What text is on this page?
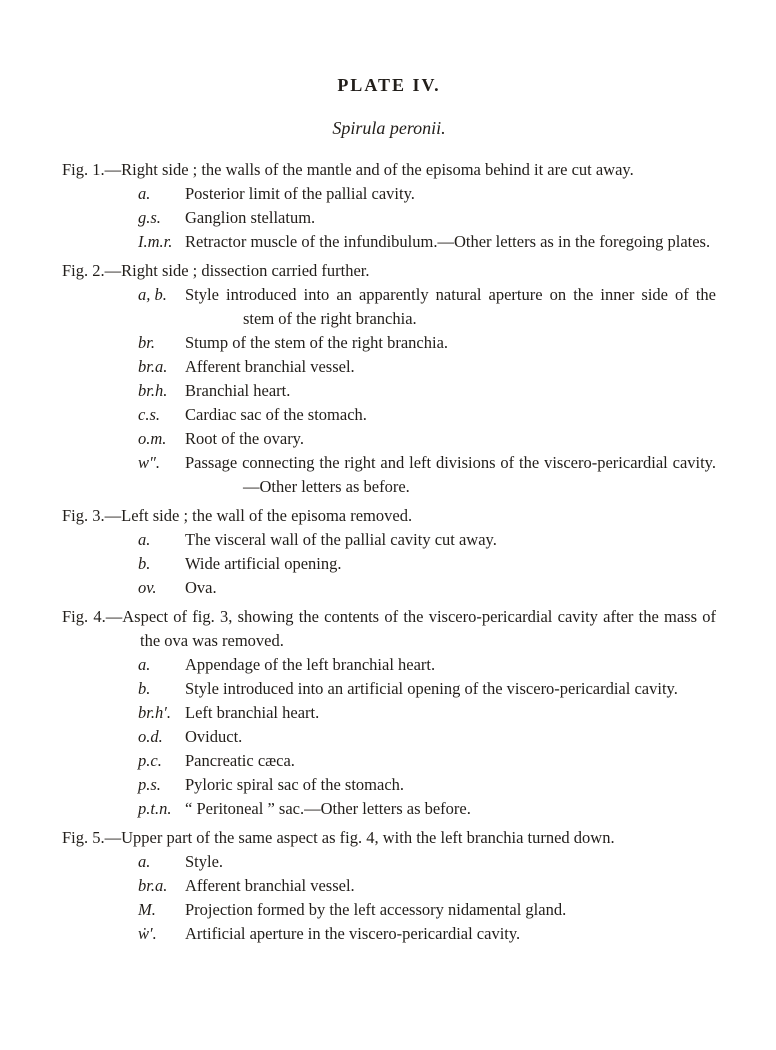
PLATE IV.
Spirula peronii.

Fig. 1.—Right side ; the walls of the mantle and of the episoma behind it are cut away.

a.	Posterior limit of the pallial cavity.
g.s.	Ganglion stellatum.
I.m.r. Retractor muscle of the infundibulum.—Other letters as in the foregoing plates.

Fig. 2.—Right side ; dissection carried further.

a, b.	Style introduced into an apparently natural aperture on the inner side of the stem of the right branchia.
br.	Stump of the stem of the right branchia.
br.a.	Afferent branchial vessel.
br.h.	Branchial heart.
c.s.	Cardiac sac of the stomach.
o.m.	Root of the ovary.
w″.	Passage connecting the right and left divisions of the viscero-pericardial cavity.—Other letters as before.

Fig. 3.—Left side ; the wall of the episoma removed.

a.	The visceral wall of the pallial cavity cut away.
b.	Wide artificial opening.
ov.	Ova.

Fig. 4.—Aspect of fig. 3, showing the contents of the viscero-pericardial cavity after the mass of the ova was removed.

a.	Appendage of the left branchial heart.
b.	Style introduced into an artificial opening of the viscero-pericardial cavity.
br.h′. Left branchial heart.
o.d.	Oviduct.
p.c.	Pancreatic cæca.
p.s.	Pyloric spiral sac of the stomach.
p.t.n. “ Peritoneal ” sac.—Other letters as before.

Fig. 5.—Upper part of the same aspect as fig. 4, with the left branchia turned down.

a.	Style.
br.a.	Afferent branchial vessel.
M.	Projection formed by the left accessory nidamental gland.
ẇ′.	Artificial aperture in the viscero-pericardial cavity.
